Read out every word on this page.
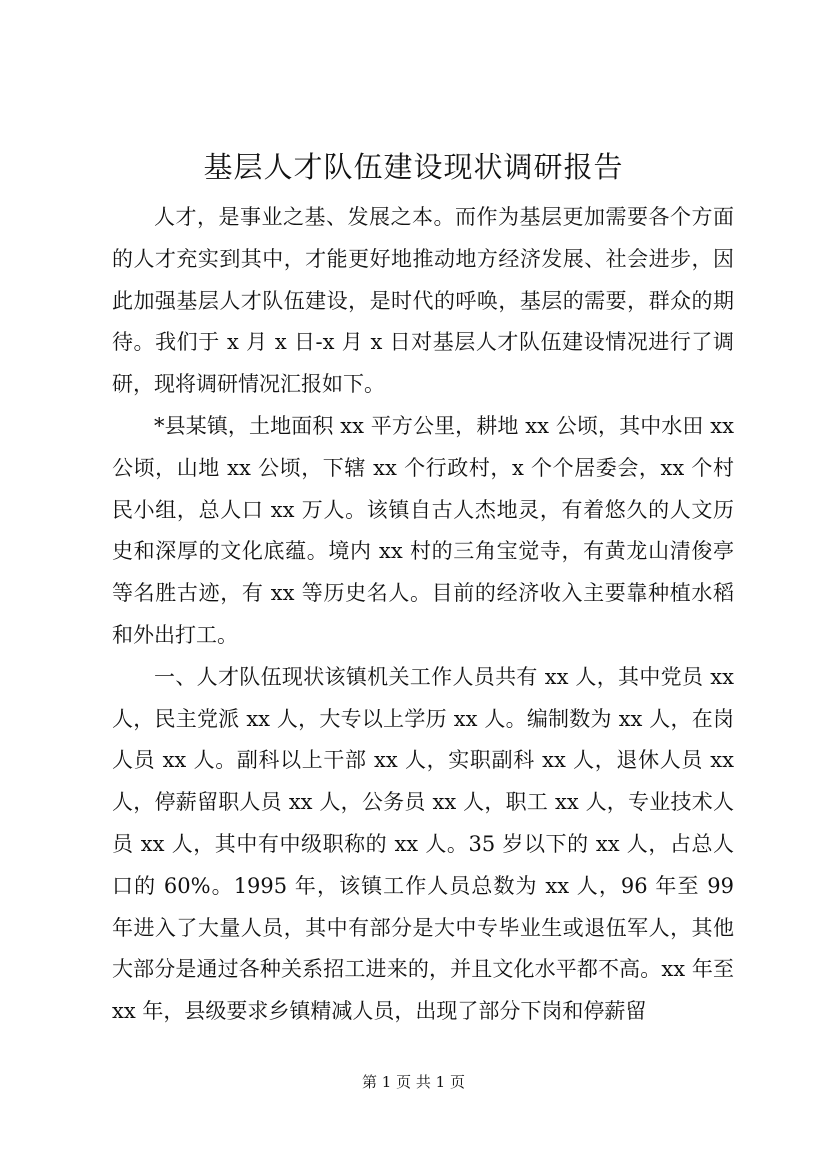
基层人才队伍建设现状调研报告

人才，是事业之基、发展之本。而作为基层更加需要各个方面的人才充实到其中，才能更好地推动地方经济发展、社会进步，因此加强基层人才队伍建设，是时代的呼唤，基层的需要，群众的期待。我们于 x 月 x 日-x 月 x 日对基层人才队伍建设情况进行了调研，现将调研情况汇报如下。

*县某镇，土地面积 xx 平方公里，耕地 xx 公顷，其中水田 xx 公顷，山地 xx 公顷，下辖 xx 个行政村，x 个个居委会，xx 个村民小组，总人口 xx 万人。该镇自古人杰地灵，有着悠久的人文历史和深厚的文化底蕴。境内 xx 村的三角宝觉寺，有黄龙山清俊亭等名胜古迹，有 xx 等历史名人。目前的经济收入主要靠种植水稻和外出打工。

一、人才队伍现状该镇机关工作人员共有 xx 人，其中党员 xx 人，民主党派 xx 人，大专以上学历 xx 人。编制数为 xx 人，在岗人员 xx 人。副科以上干部 xx 人，实职副科 xx 人，退休人员 xx 人，停薪留职人员 xx 人，公务员 xx 人，职工 xx 人，专业技术人员 xx 人，其中有中级职称的 xx 人。35 岁以下的 xx 人，占总人口的 60%。1995 年，该镇工作人员总数为 xx 人，96 年至 99 年进入了大量人员，其中有部分是大中专毕业生或退伍军人，其他大部分是通过各种关系招工进来的，并且文化水平都不高。xx 年至 xx 年，县级要求乡镇精减人员，出现了部分下岗和停薪留

第 1 页 共 1 页
